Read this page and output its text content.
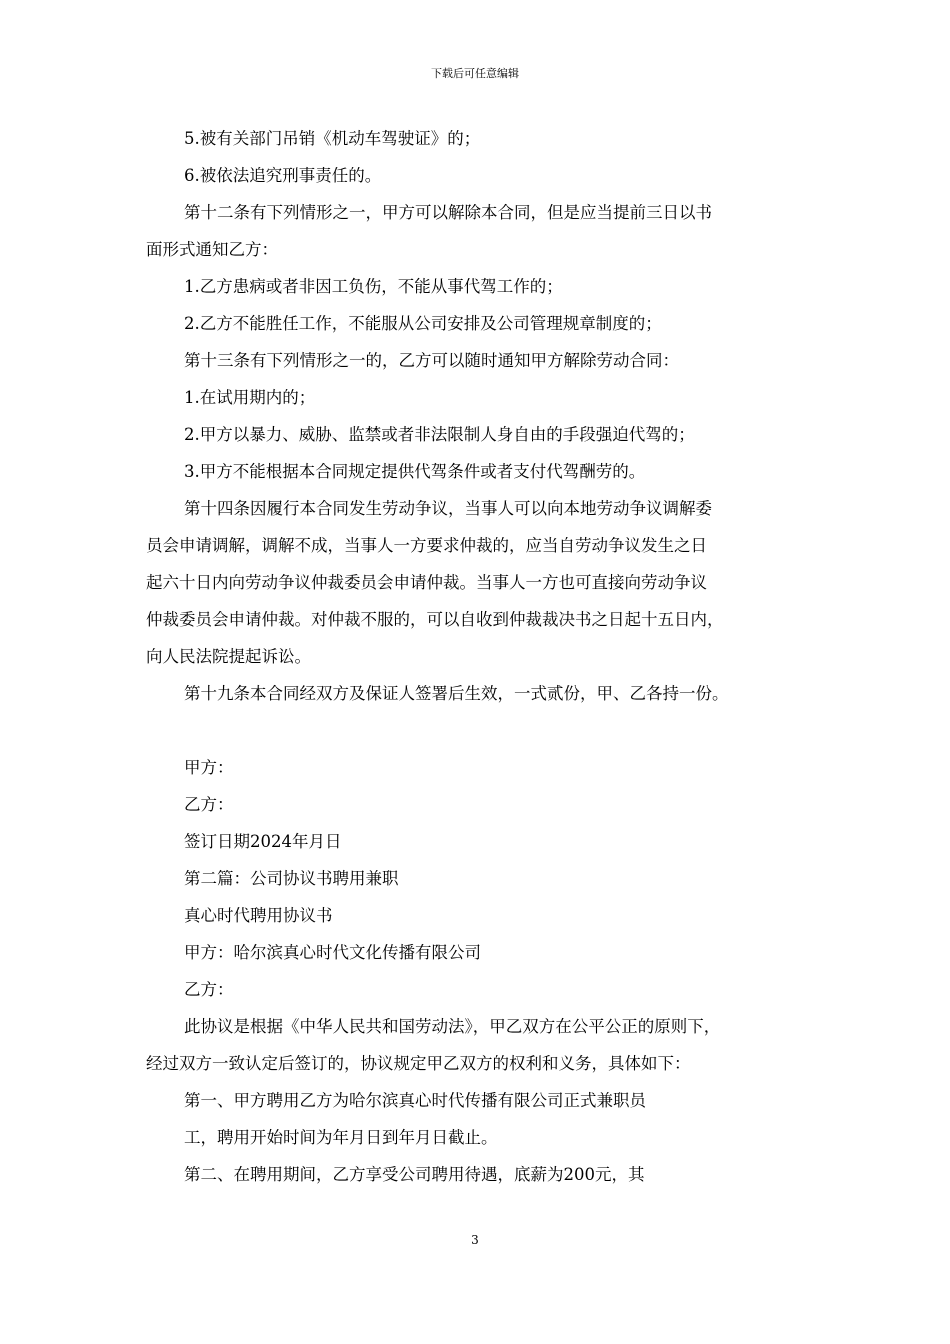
下载后可任意编辑

5.被有关部门吊销《机动车驾驶证》的；

6.被依法追究刑事责任的。

第十二条有下列情形之一，甲方可以解除本合同，但是应当提前三日以书

面形式通知乙方：

1.乙方患病或者非因工负伤，不能从事代驾工作的；

2.乙方不能胜任工作，不能服从公司安排及公司管理规章制度的；

第十三条有下列情形之一的，乙方可以随时通知甲方解除劳动合同：

1.在试用期内的；

2.甲方以暴力、威胁、监禁或者非法限制人身自由的手段强迫代驾的；

3.甲方不能根据本合同规定提供代驾条件或者支付代驾酬劳的。

第十四条因履行本合同发生劳动争议，当事人可以向本地劳动争议调解委

员会申请调解，调解不成，当事人一方要求仲裁的，应当自劳动争议发生之日

起六十日内向劳动争议仲裁委员会申请仲裁。当事人一方也可直接向劳动争议

仲裁委员会申请仲裁。对仲裁不服的，可以自收到仲裁裁决书之日起十五日内，

向人民法院提起诉讼。

第十九条本合同经双方及保证人签署后生效，一式贰份，甲、乙各持一份。

甲方：

乙方：

签订日期2024年月日

第二篇：公司协议书聘用兼职

真心时代聘用协议书

甲方：哈尔滨真心时代文化传播有限公司

乙方：

此协议是根据《中华人民共和国劳动法》，甲乙双方在公平公正的原则下，

经过双方一致认定后签订的，协议规定甲乙双方的权利和义务，具体如下：

第一、甲方聘用乙方为哈尔滨真心时代传播有限公司正式兼职员

工，聘用开始时间为年月日到年月日截止。

第二、在聘用期间，乙方享受公司聘用待遇，底薪为200元，其

3
